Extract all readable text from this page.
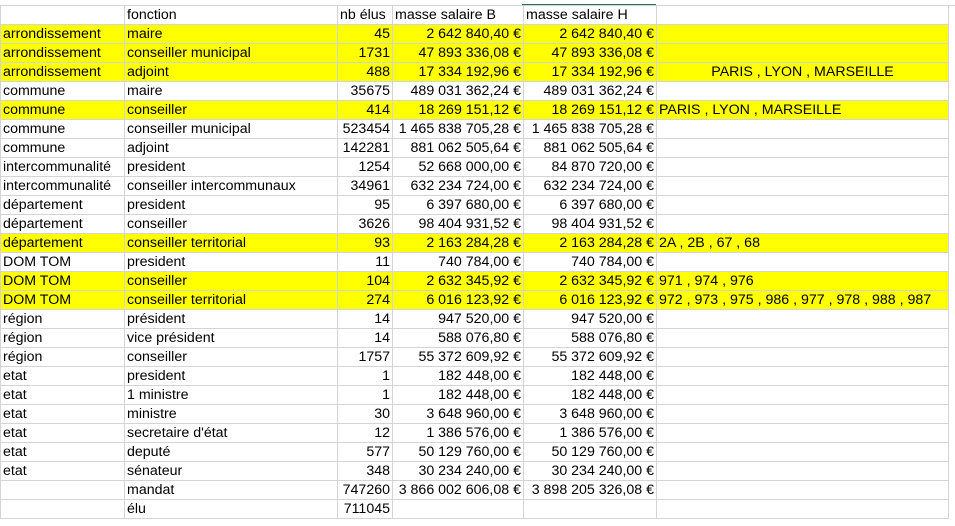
	fonction	nb élus	masse salaire B	masse salaire H	
arrondissement	maire	45	2 642 840,40 €	2 642 840,40 €	
arrondissement	conseiller municipal	1731	47 893 336,08 €	47 893 336,08 €	
arrondissement	adjoint	488	17 334 192,96 €	17 334 192,96 €	PARIS , LYON , MARSEILLE
commune	maire	35675	489 031 362,24 €	489 031 362,24 €	
commune	conseiller	414	18 269 151,12 €	18 269 151,12 €	PARIS , LYON , MARSEILLE
commune	conseiller municipal	523454	1 465 838 705,28 €	1 465 838 705,28 €	
commune	adjoint	142281	881 062 505,64 €	881 062 505,64 €	
intercommunalité	president	1254	52 668 000,00 €	84 870 720,00 €	
intercommunalité	conseiller intercommunaux	34961	632 234 724,00 €	632 234 724,00 €	
département	president	95	6 397 680,00 €	6 397 680,00 €	
département	conseiller	3626	98 404 931,52 €	98 404 931,52 €	
département	conseiller territorial	93	2 163 284,28 €	2 163 284,28 €	2A , 2B , 67 , 68
DOM TOM	president	11	740 784,00 €	740 784,00 €	
DOM TOM	conseiller	104	2 632 345,92 €	2 632 345,92 €	971 , 974 , 976
DOM TOM	conseiller territorial	274	6 016 123,92 €	6 016 123,92 €	972 , 973 , 975 , 986 , 977 , 978 , 988 , 987
région	président	14	947 520,00 €	947 520,00 €	
région	vice président	14	588 076,80 €	588 076,80 €	
région	conseiller	1757	55 372 609,92 €	55 372 609,92 €	
etat	president	1	182 448,00 €	182 448,00 €	
etat	1 ministre	1	182 448,00 €	182 448,00 €	
etat	ministre	30	3 648 960,00 €	3 648 960,00 €	
etat	secretaire d'état	12	1 386 576,00 €	1 386 576,00 €	
etat	deputé	577	50 129 760,00 €	50 129 760,00 €	
etat	sénateur	348	30 234 240,00 €	30 234 240,00 €	
	mandat	747260	3 866 002 606,08 €	3 898 205 326,08 €	
	élu	711045			
